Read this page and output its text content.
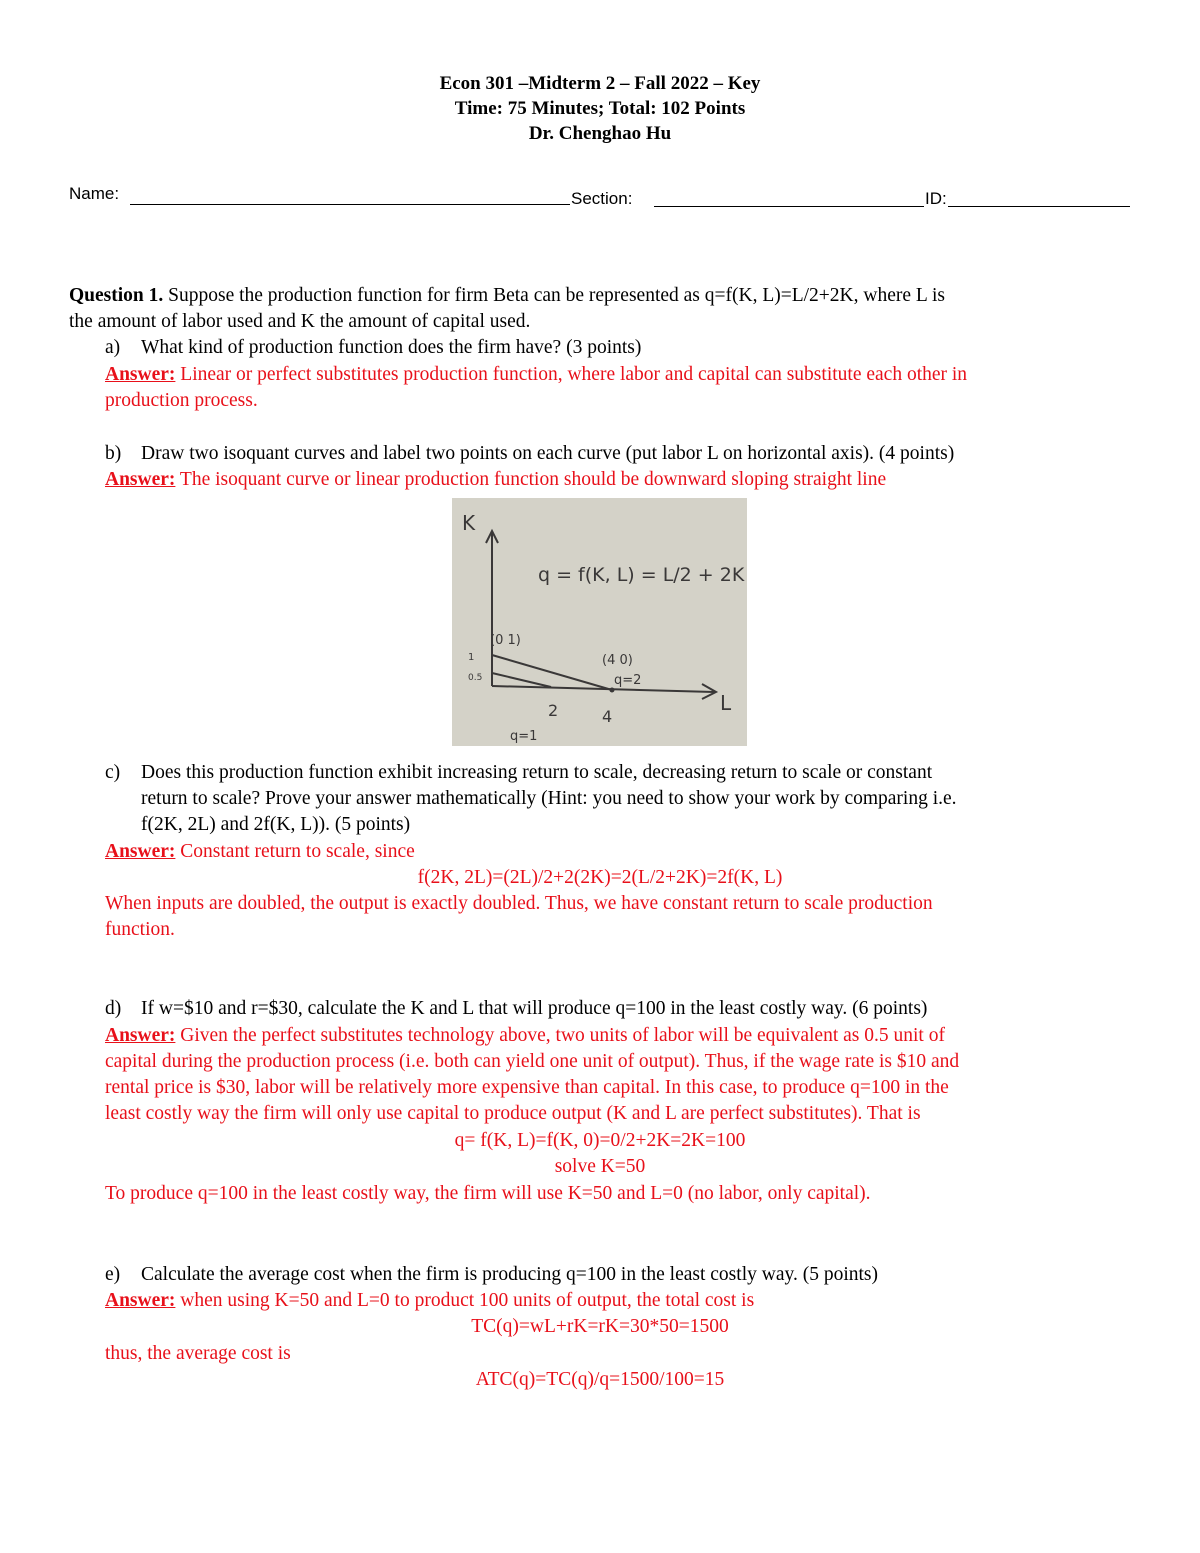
Econ 301 –Midterm 2 – Fall 2022 – Key
Time: 75 Minutes; Total: 102 Points
Dr. Chenghao Hu
Name:	Section:	ID:
Question 1. Suppose the production function for firm Beta can be represented as q=f(K, L)=L/2+2K, where L is
the amount of labor used and K the amount of capital used.
a) What kind of production function does the firm have? (3 points)
Answer: Linear or perfect substitutes production function, where labor and capital can substitute each other in
production process.
b) Draw two isoquant curves and label two points on each curve (put labor L on horizontal axis). (4 points)
Answer: The isoquant curve or linear production function should be downward sloping straight line
K
L
q = f(K, L) = L/2 + 2K
(0 1)
(4 0)
q=2
q=1
1
0.5
2	4
c) Does this production function exhibit increasing return to scale, decreasing return to scale or constant
return to scale? Prove your answer mathematically (Hint: you need to show your work by comparing i.e.
f(2K, 2L) and 2f(K, L)). (5 points)
Answer: Constant return to scale, since
f(2K, 2L)=(2L)/2+2(2K)=2(L/2+2K)=2f(K, L)
When inputs are doubled, the output is exactly doubled. Thus, we have constant return to scale production
function.
d) If w=$10 and r=$30, calculate the K and L that will produce q=100 in the least costly way. (6 points)
Answer: Given the perfect substitutes technology above, two units of labor will be equivalent as 0.5 unit of
capital during the production process (i.e. both can yield one unit of output). Thus, if the wage rate is $10 and
rental price is $30, labor will be relatively more expensive than capital. In this case, to produce q=100 in the
least costly way the firm will only use capital to produce output (K and L are perfect substitutes). That is
q= f(K, L)=f(K, 0)=0/2+2K=2K=100
solve K=50
To produce q=100 in the least costly way, the firm will use K=50 and L=0 (no labor, only capital).
e) Calculate the average cost when the firm is producing q=100 in the least costly way. (5 points)
Answer: when using K=50 and L=0 to product 100 units of output, the total cost is
TC(q)=wL+rK=rK=30*50=1500
thus, the average cost is
ATC(q)=TC(q)/q=1500/100=15
